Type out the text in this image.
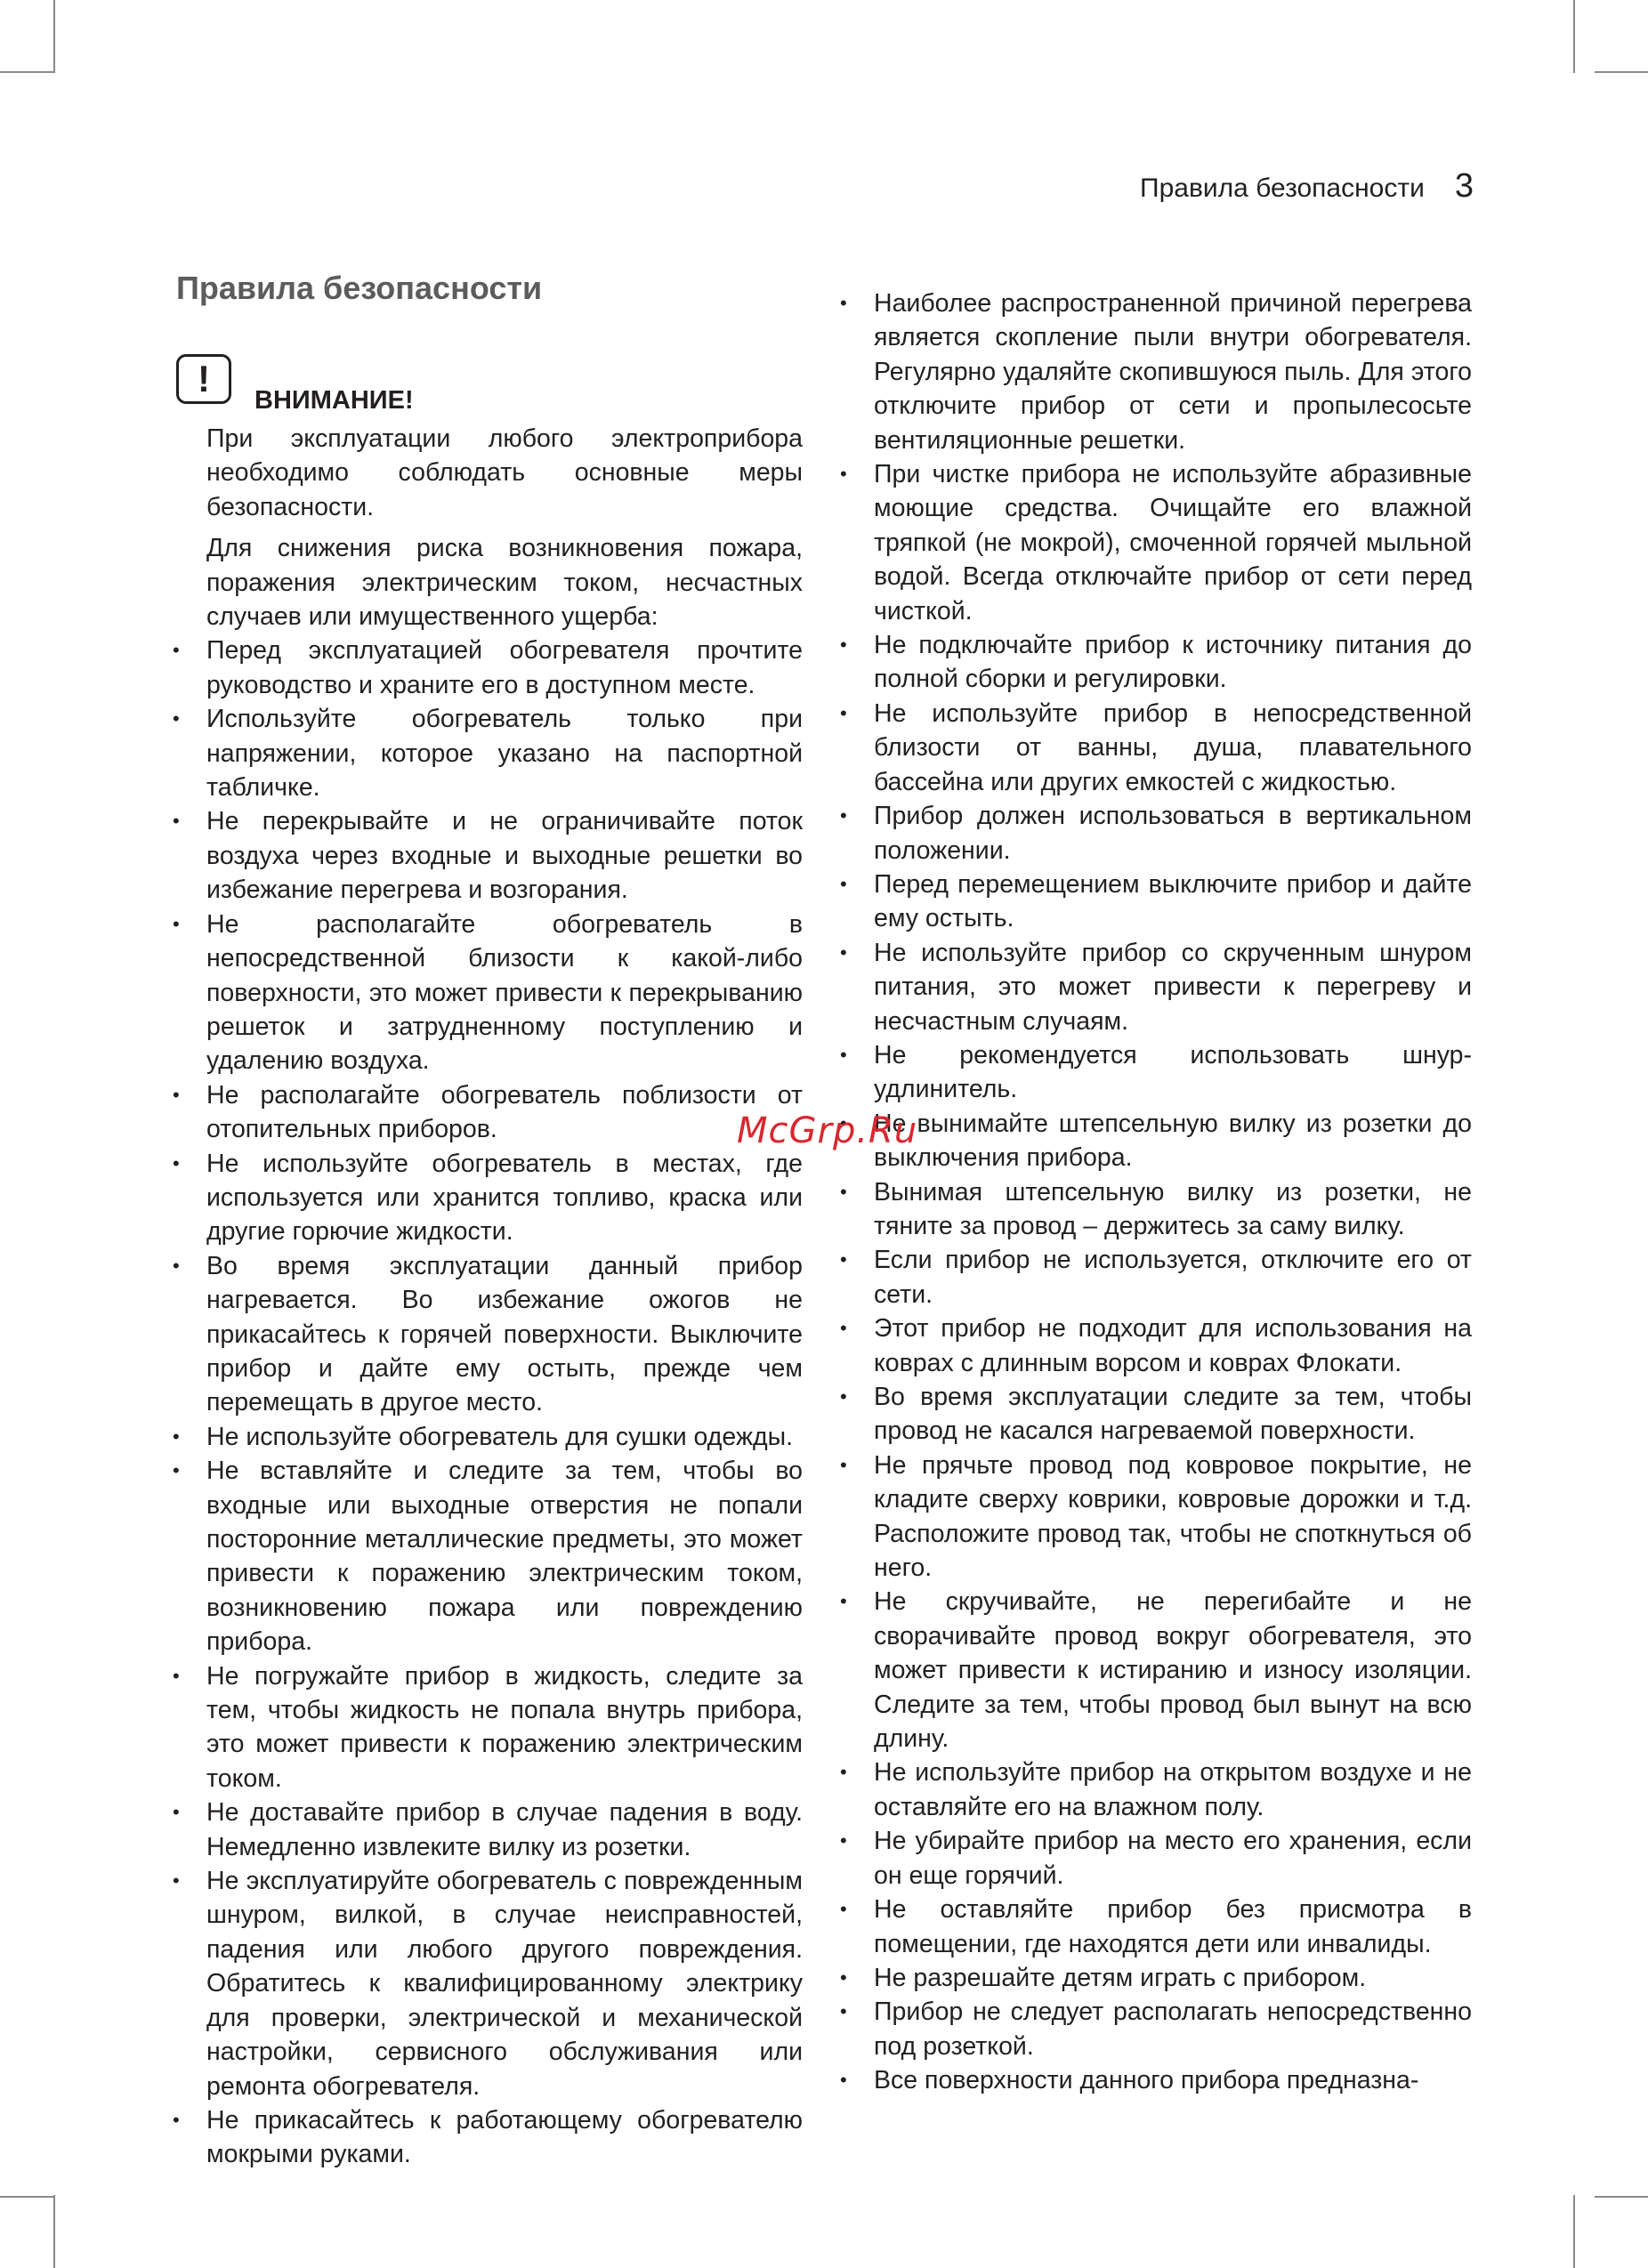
Правила безопасности 3
Правила безопасности
!
ВНИМАНИЕ!

При эксплуатации любого электроприбора необходимо соблюдать основные меры безопасности.

Для снижения риска возникновения пожара, поражения электрическим током, несчастных случаев или имущественного ущерба:

• Перед эксплуатацией обогревателя прочтите руководство и храните его в доступном месте.
• Используйте обогреватель только при напряжении, которое указано на паспортной табличке.
• Не перекрывайте и не ограничивайте поток воздуха через входные и выходные решетки во избежание перегрева и возгорания.
• Не располагайте обогреватель в непосредственной близости к какой-либо поверхности, это может привести к перекрыванию решеток и затрудненному поступлению и удалению воздуха.
• Не располагайте обогреватель поблизости от отопительных приборов.
• Не используйте обогреватель в местах, где используется или хранится топливо, краска или другие горючие жидкости.
• Во время эксплуатации данный прибор нагревается. Во избежание ожогов не прикасайтесь к горячей поверхности. Выключите прибор и дайте ему остыть, прежде чем перемещать в другое место.
• Не используйте обогреватель для сушки одежды.
• Не вставляйте и следите за тем, чтобы во входные или выходные отверстия не попали посторонние металлические предметы, это может привести к поражению электрическим током, возникновению пожара или повреждению прибора.
• Не погружайте прибор в жидкость, следите за тем, чтобы жидкость не попала внутрь прибора, это может привести к поражению электрическим током.
• Не доставайте прибор в случае падения в воду. Немедленно извлеките вилку из розетки.
• Не эксплуатируйте обогреватель с поврежденным шнуром, вилкой, в случае неисправностей, падения или любого другого повреждения. Обратитесь к квалифицированному электрику для проверки, электрической и механической настройки, сервисного обслуживания или ремонта обогревателя.
• Не прикасайтесь к работающему обогревателю мокрыми руками.
• Наиболее распространенной причиной перегрева является скопление пыли внутри обогревателя. Регулярно удаляйте скопившуюся пыль. Для этого отключите прибор от сети и пропылесосьте вентиляционные решетки.
• При чистке прибора не используйте абразивные моющие средства. Очищайте его влажной тряпкой (не мокрой), смоченной горячей мыльной водой. Всегда отключайте прибор от сети перед чисткой.
• Не подключайте прибор к источнику питания до полной сборки и регулировки.
• Не используйте прибор в непосредственной близости от ванны, душа, плавательного бассейна или других емкостей с жидкостью.
• Прибор должен использоваться в вертикальном положении.
• Перед перемещением выключите прибор и дайте ему остыть.
• Не используйте прибор со скрученным шнуром питания, это может привести к перегреву и несчастным случаям.
• Не рекомендуется использовать шнур-удлинитель.
• Не вынимайте штепсельную вилку из розетки до выключения прибора.
• Вынимая штепсельную вилку из розетки, не тяните за провод – держитесь за саму вилку.
• Если прибор не используется, отключите его от сети.
• Этот прибор не подходит для использования на коврах с длинным ворсом и коврах Флокати.
• Во время эксплуатации следите за тем, чтобы провод не касался нагреваемой поверхности.
• Не прячьте провод под ковровое покрытие, не кладите сверху коврики, ковровые дорожки и т.д. Расположите провод так, чтобы не споткнуться об него.
• Не скручивайте, не перегибайте и не сворачивайте провод вокруг обогревателя, это может привести к истиранию и износу изоляции. Следите за тем, чтобы провод был вынут на всю длину.
• Не используйте прибор на открытом воздухе и не оставляйте его на влажном полу.
• Не убирайте прибор на место его хранения, если он еще горячий.
• Не оставляйте прибор без присмотра в помещении, где находятся дети или инвалиды.
• Не разрешайте детям играть с прибором.
• Прибор не следует располагать непосредственно под розеткой.
• Все поверхности данного прибора предназна-
McGrp.Ru
